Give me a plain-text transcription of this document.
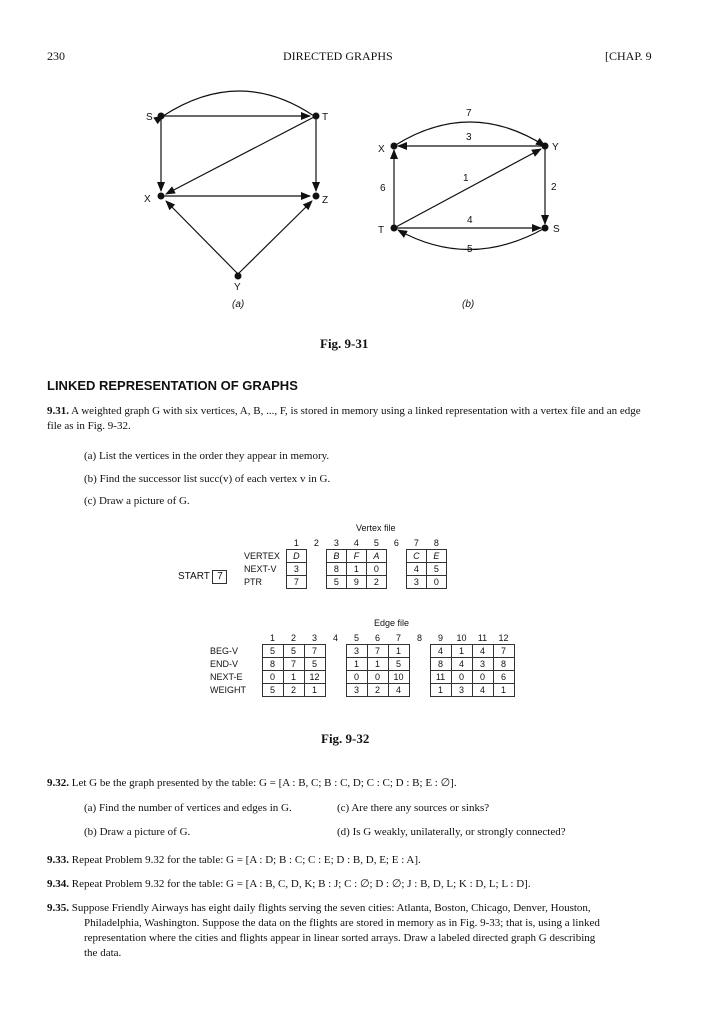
230	DIRECTED GRAPHS	[CHAP. 9
S	T
X	Z
Y
(a)
X	Y
T	S
7
3
1
6	2
4
5
(b)
Fig. 9-31
LINKED REPRESENTATION OF GRAPHS
9.31. A weighted graph G with six vertices, A, B, ..., F, is stored in memory using a linked representation with a vertex file and an edge file as in Fig. 9-32.
(a) List the vertices in the order they appear in memory.
(b) Find the successor list succ(v) of each vertex v in G.
(c) Draw a picture of G.
Vertex file
START 7
	1	2	3	4	5	6	7	8
VERTEX	D		B	F	A		C	E
NEXT-V	3		8	1	0		4	5
PTR	7		5	9	2		3	0
Edge file
	1	2	3	4	5	6	7	8	9	10	11	12
BEG-V	5	5	7		3	7	1		4	1	4	7
END-V	8	7	5		1	1	5		8	4	3	8
NEXT-E	0	1	12		0	0	10		11	0	0	6
WEIGHT	5	2	1		3	2	4		1	3	4	1
Fig. 9-32
9.32. Let G be the graph presented by the table: G = [A : B, C; B : C, D; C : C; D : B; E : ∅].
(a) Find the number of vertices and edges in G.
(b) Draw a picture of G.
(c) Are there any sources or sinks?
(d) Is G weakly, unilaterally, or strongly connected?
9.33. Repeat Problem 9.32 for the table: G = [A : D; B : C; C : E; D : B, D, E; E : A].
9.34. Repeat Problem 9.32 for the table: G = [A : B, C, D, K; B : J; C : ∅; D : ∅; J : B, D, L; K : D, L; L : D].
9.35. Suppose Friendly Airways has eight daily flights serving the seven cities: Atlanta, Boston, Chicago, Denver, Houston,
Philadelphia, Washington. Suppose the data on the flights are stored in memory as in Fig. 9-33; that is, using a linked
representation where the cities and flights appear in linear sorted arrays. Draw a labeled directed graph G describing
the data.
